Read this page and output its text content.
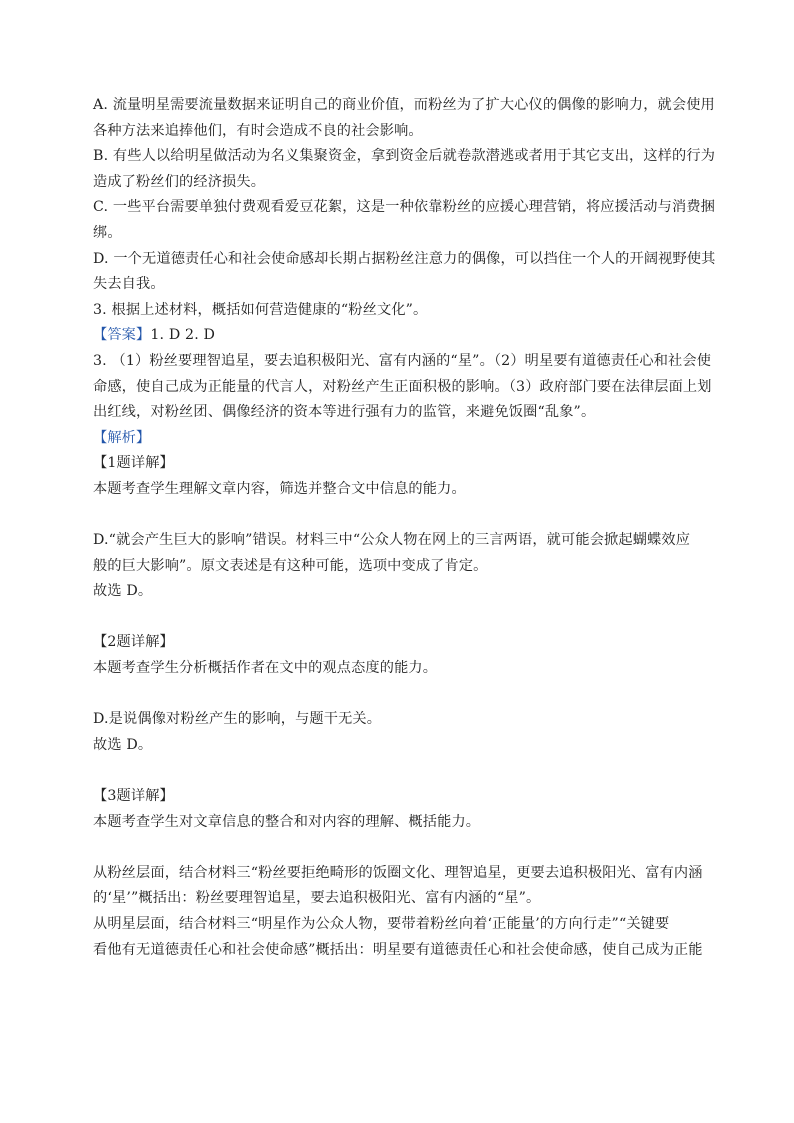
A. 流量明星需要流量数据来证明自己的商业价值，而粉丝为了扩大心仪的偶像的影响力，就会使用
各种方法来追捧他们，有时会造成不良的社会影响。
B. 有些人以给明星做活动为名义集聚资金，拿到资金后就卷款潜逃或者用于其它支出，这样的行为
造成了粉丝们的经济损失。
C. 一些平台需要单独付费观看爱豆花絮，这是一种依靠粉丝的应援心理营销，将应援活动与消费捆
绑。
D. 一个无道德责任心和社会使命感却长期占据粉丝注意力的偶像，可以挡住一个人的开阔视野使其
失去自我。
3. 根据上述材料，概括如何营造健康的“粉丝文化”。
【答案】1. D 2. D
3. （1）粉丝要理智追星，要去追积极阳光、富有内涵的“星”。（2）明星要有道德责任心和社会使
命感，使自己成为正能量的代言人，对粉丝产生正面积极的影响。（3）政府部门要在法律层面上划
出红线，对粉丝团、偶像经济的资本等进行强有力的监管，来避免饭圈“乱象”。
【解析】
【1题详解】
本题考查学生理解文章内容，筛选并整合文中信息的能力。
D.“就会产生巨大的影响”错误。材料三中“公众人物在网上的三言两语，就可能会掀起蝴蝶效应
般的巨大影响”。原文表述是有这种可能，选项中变成了肯定。
故选 D。
【2题详解】
本题考查学生分析概括作者在文中的观点态度的能力。
D.是说偶像对粉丝产生的影响，与题干无关。
故选 D。
【3题详解】
本题考查学生对文章信息的整合和对内容的理解、概括能力。
从粉丝层面，结合材料三“粉丝要拒绝畸形的饭圈文化、理智追星，更要去追积极阳光、富有内涵
的‘星’”概括出：粉丝要理智追星，要去追积极阳光、富有内涵的“星”。
从明星层面，结合材料三“明星作为公众人物，要带着粉丝向着‘正能量’的方向行走”“关键要
看他有无道德责任心和社会使命感”概括出：明星要有道德责任心和社会使命感，使自己成为正能
